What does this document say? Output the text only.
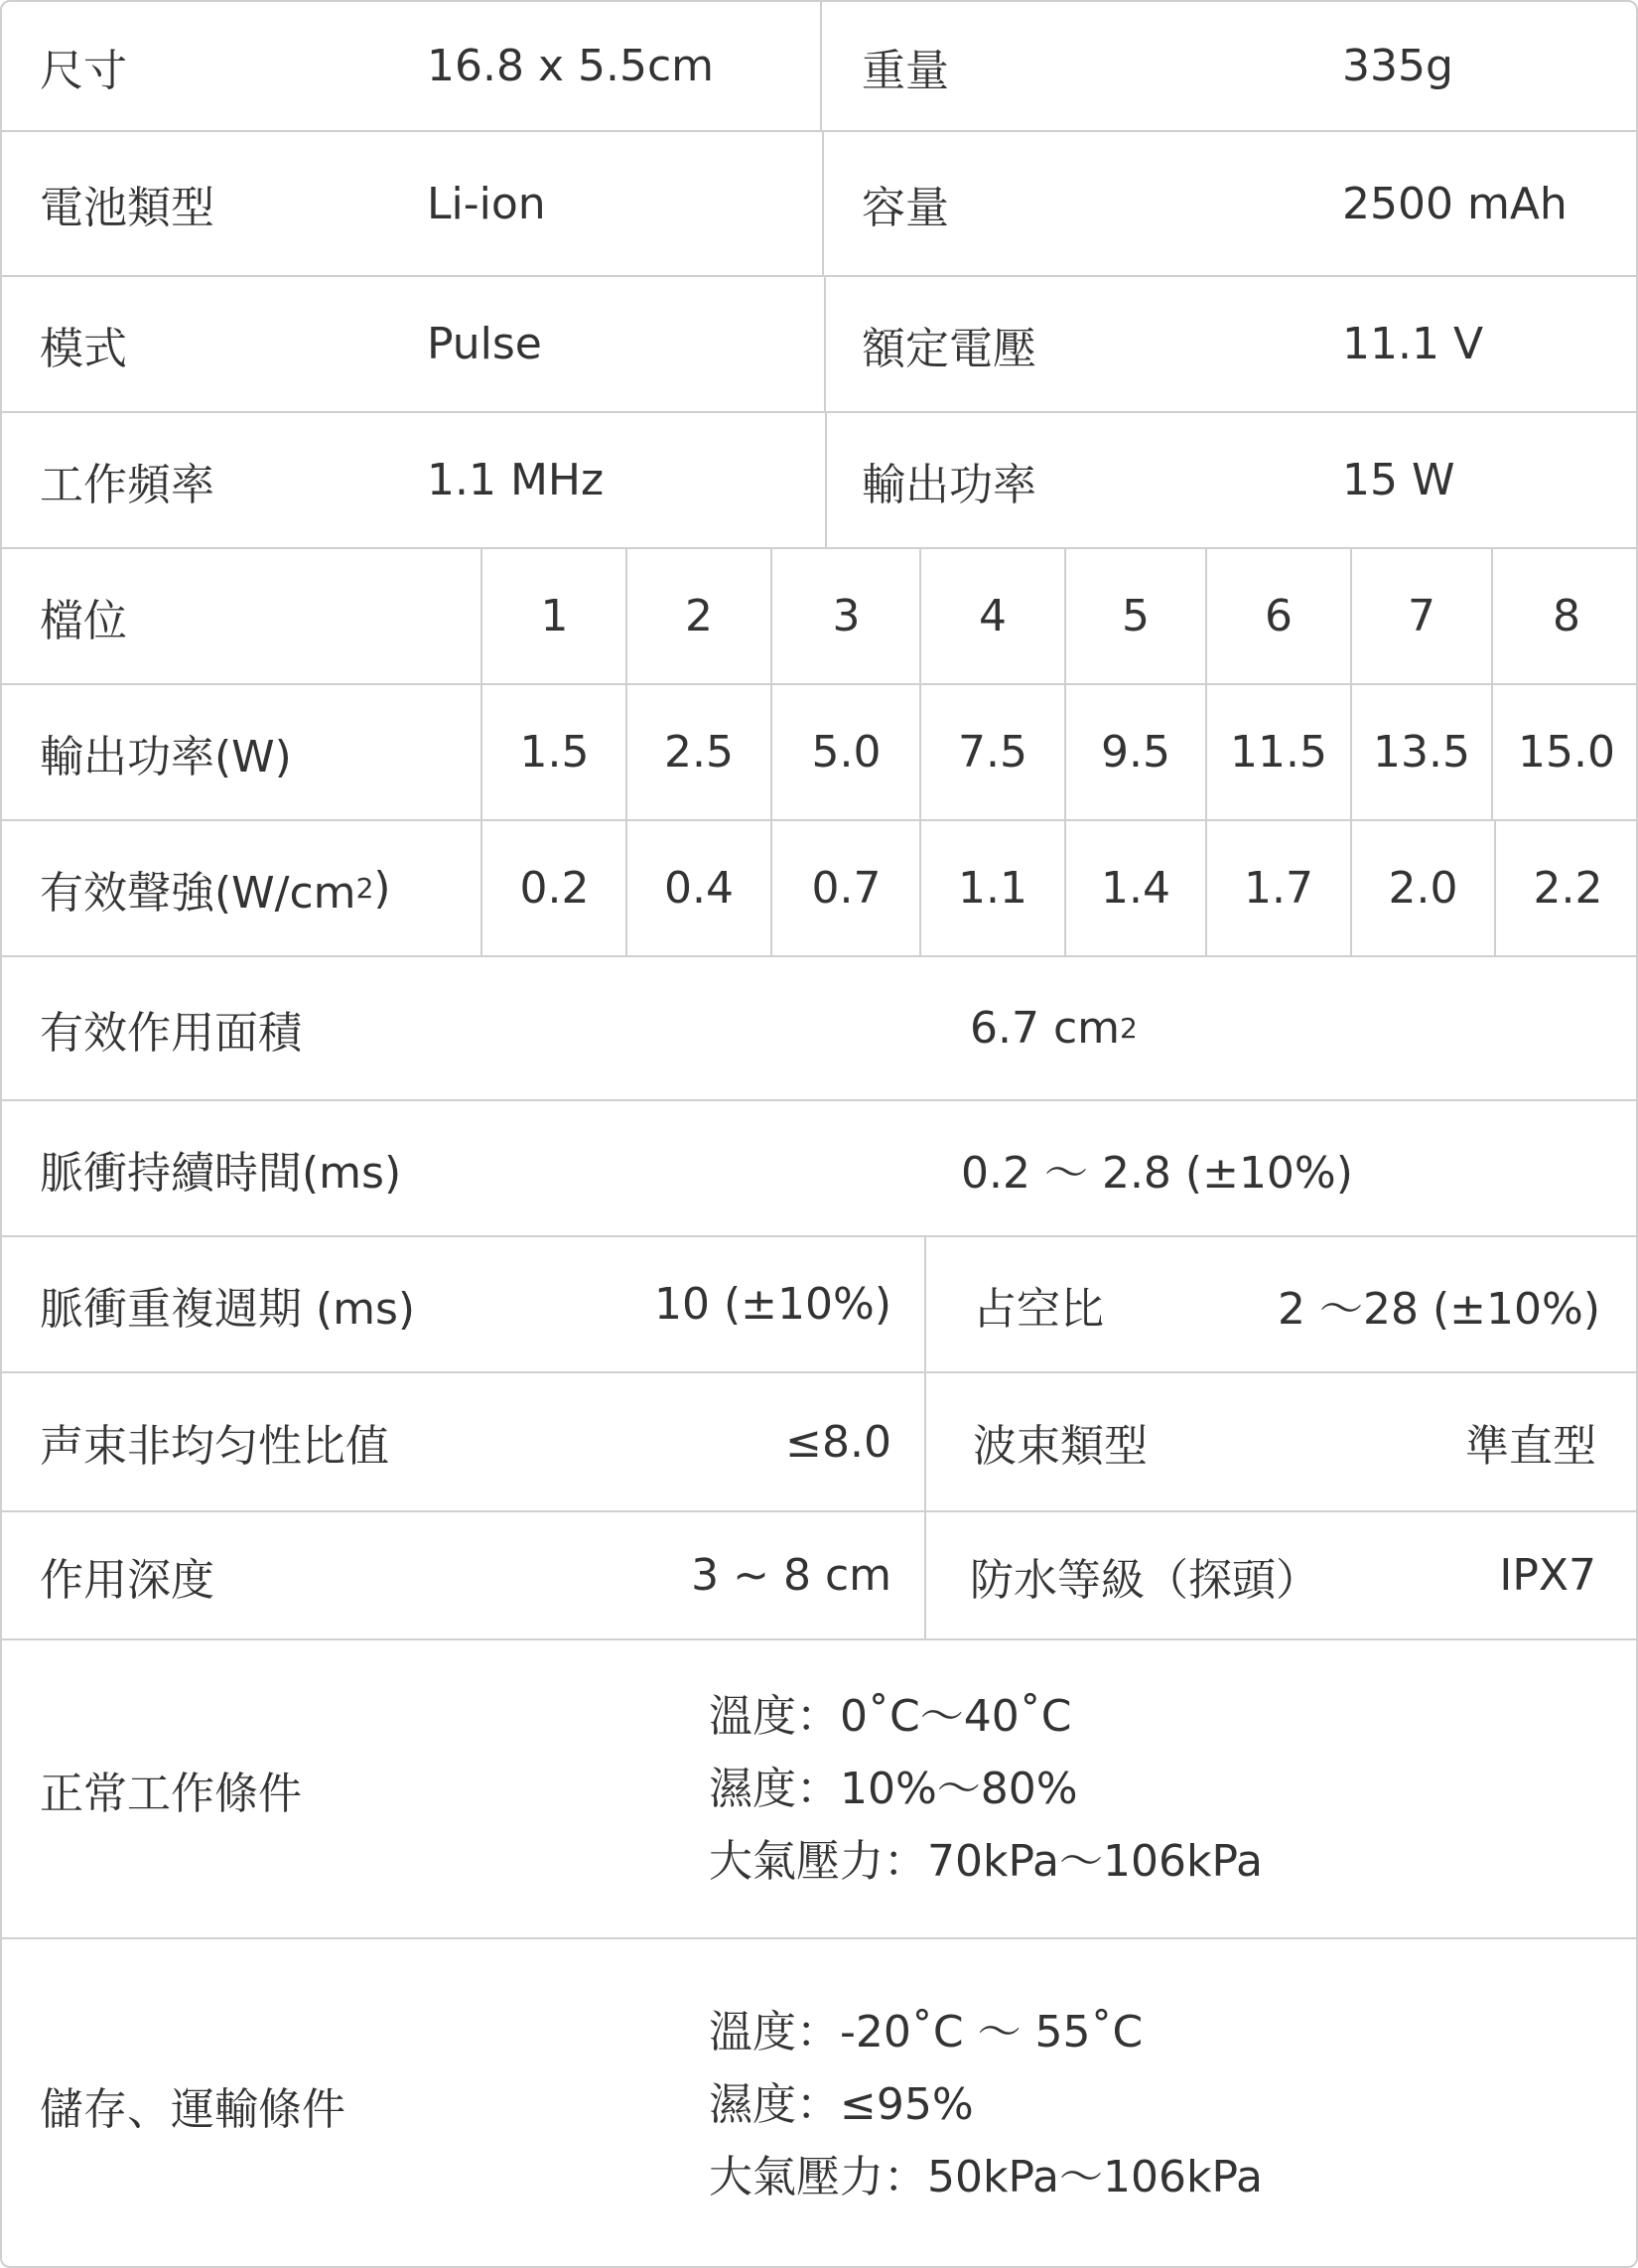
尺寸	16.8 x 5.5cm	重量	335g
電池類型	Li-ion	容量	2500 mAh
模式	Pulse	額定電壓	11.1 V
工作頻率	1.1 MHz	輸出功率	15 W
檔位	1	2	3	4	5	6	7	8
輸出功率(W)	1.5	2.5	5.0	7.5	9.5	11.5	13.5	15.0
有效聲強(W/cm 2 )	0.2	0.4	0.7	1.1	1.4	1.7	2.0	2.2
有效作用面積	6.7 cm 2
脈衝持續時間(ms)	0.2 ～ 2.8 (±10%)
脈衝重複週期 (ms)	10 (±10%) 占空比	2 ～28 (±10%)
声束非均匀性比值	≤8.0 波束類型	準直型
作用深度	3 ~ 8 cm 防水等級（探頭）	IPX7
正常工作條件
溫度：0˚C～40˚C
濕度：10%～80%
大氣壓力：70kPa～106kPa
儲存、運輸條件
溫度：-20˚C ～ 55˚C
濕度：≤95%
大氣壓力：50kPa～106kPa
